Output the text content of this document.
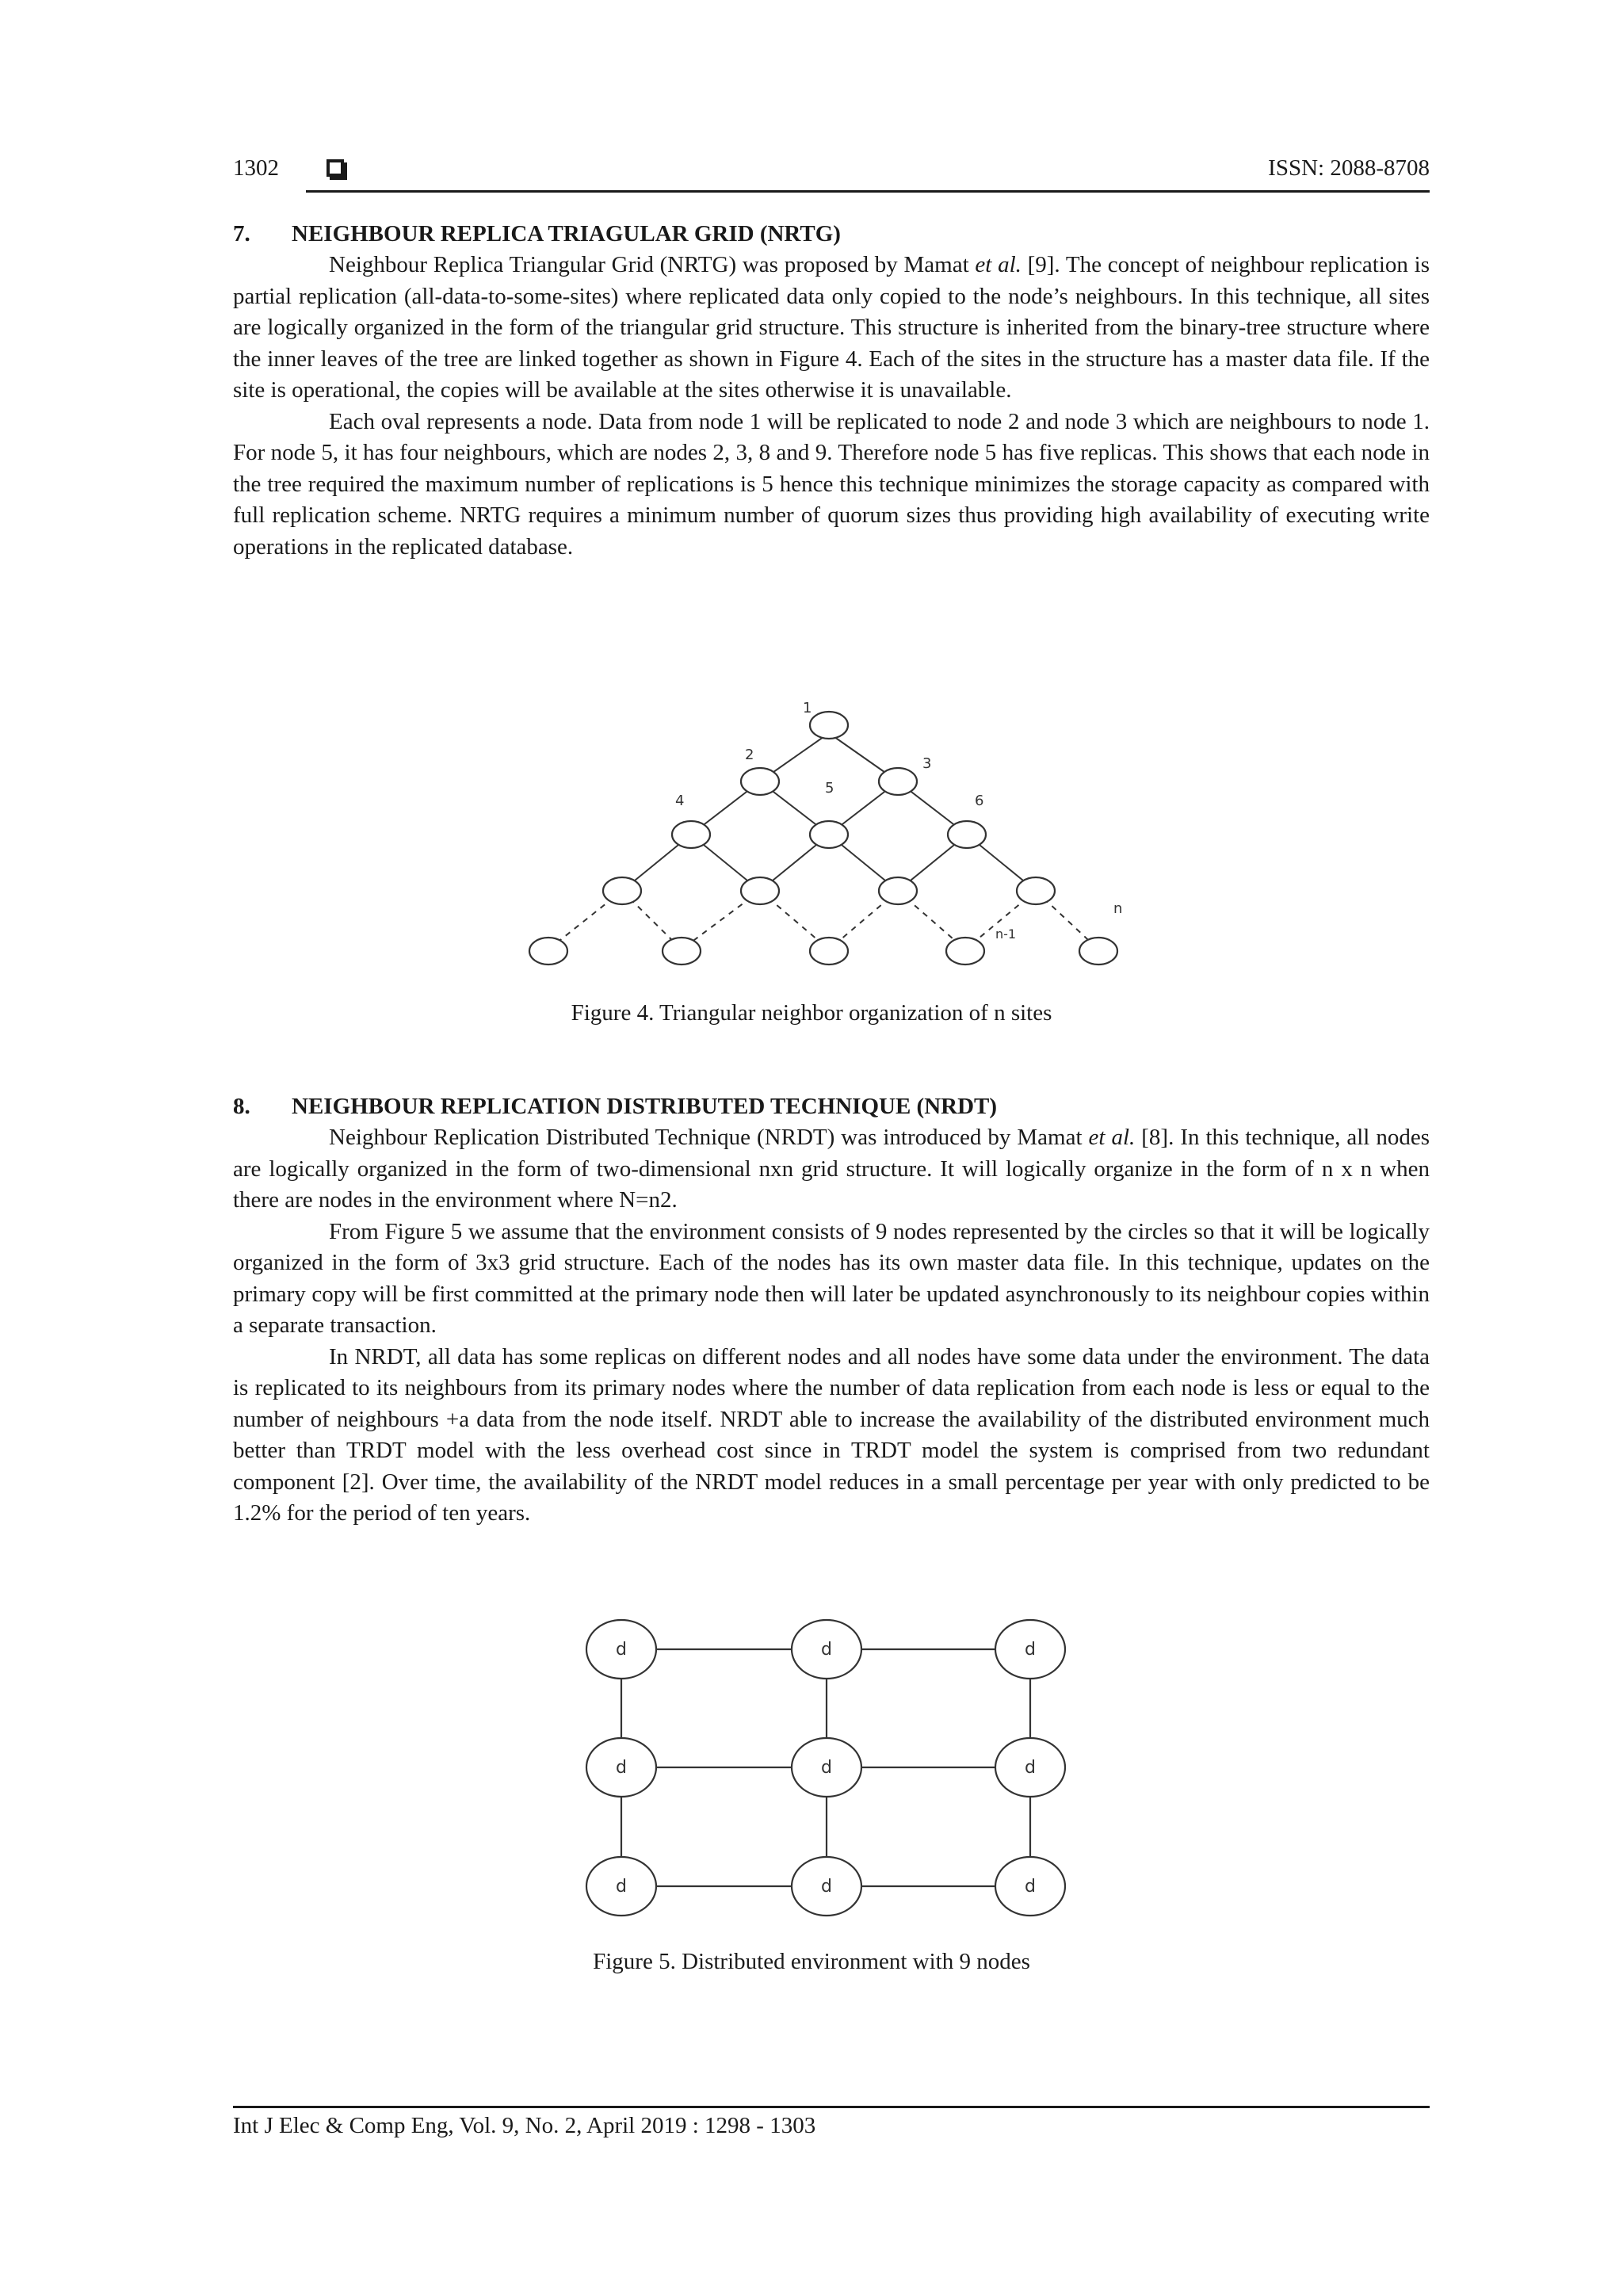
1302	ISSN: 2088-8708
7. NEIGHBOUR REPLICA TRIAGULAR GRID (NRTG)

Neighbour Replica Triangular Grid (NRTG) was proposed by Mamat et al. [9]. The concept of neighbour replication is partial replication (all-data-to-some-sites) where replicated data only copied to the node’s neighbours. In this technique, all sites are logically organized in the form of the triangular grid structure. This structure is inherited from the binary-tree structure where the inner leaves of the tree are linked together as shown in Figure 4. Each of the sites in the structure has a master data file. If the site is operational, the copies will be available at the sites otherwise it is unavailable.

Each oval represents a node. Data from node 1 will be replicated to node 2 and node 3 which are neighbours to node 1. For node 5, it has four neighbours, which are nodes 2, 3, 8 and 9. Therefore node 5 has five replicas. This shows that each node in the tree required the maximum number of replications is 5 hence this technique minimizes the storage capacity as compared with full replication scheme. NRTG requires a minimum number of quorum sizes thus providing high availability of executing write operations in the replicated database.

1
2
3
4
5
6
n-1
n
Figure 4. Triangular neighbor organization of n sites
8. NEIGHBOUR REPLICATION DISTRIBUTED TECHNIQUE (NRDT)

Neighbour Replication Distributed Technique (NRDT) was introduced by Mamat et al. [8]. In this technique, all nodes are logically organized in the form of two-dimensional nxn grid structure. It will logically organize in the form of n x n when there are nodes in the environment where N=n2.

From Figure 5 we assume that the environment consists of 9 nodes represented by the circles so that it will be logically organized in the form of 3x3 grid structure. Each of the nodes has its own master data file. In this technique, updates on the primary copy will be first committed at the primary node then will later be updated asynchronously to its neighbour copies within a separate transaction.

In NRDT, all data has some replicas on different nodes and all nodes have some data under the environment. The data is replicated to its neighbours from its primary nodes where the number of data replication from each node is less or equal to the number of neighbours +a data from the node itself. NRDT able to increase the availability of the distributed environment much better than TRDT model with the less overhead cost since in TRDT model the system is comprised from two redundant component [2]. Over time, the availability of the NRDT model reduces in a small percentage per year with only predicted to be 1.2% for the period of ten years.

d	d	d
d	d	d
d	d	d
Figure 5. Distributed environment with 9 nodes
Int J Elec & Comp Eng, Vol. 9, No. 2, April 2019 : 1298 - 1303
